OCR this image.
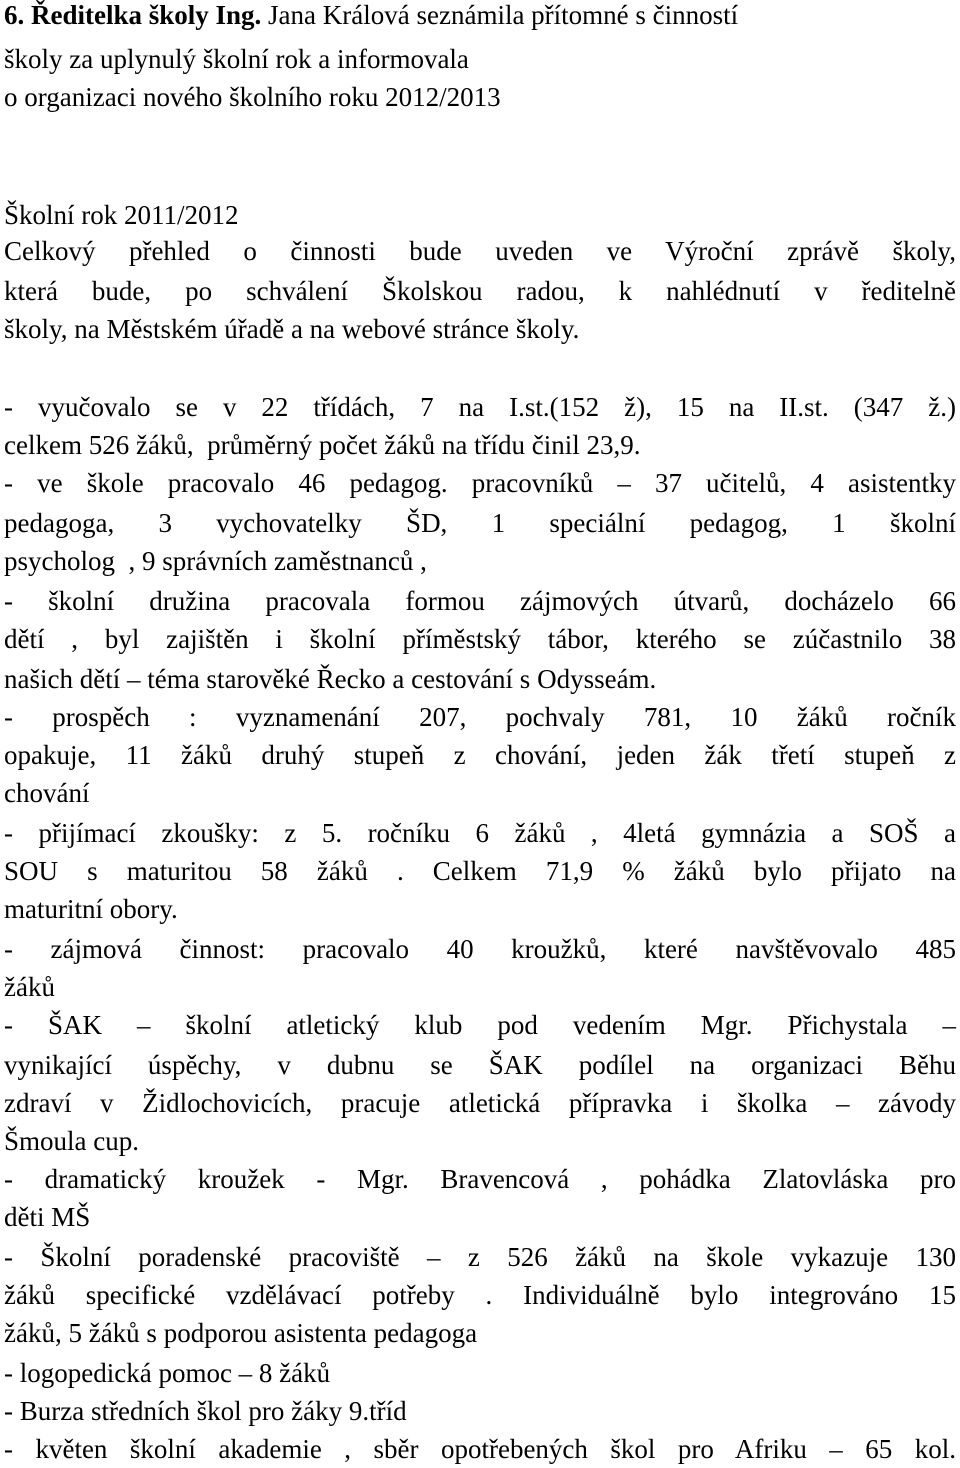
6. Ředitelka školy Ing. Jana Králová seznámila přítomné s činností
školy za uplynulý školní rok a informovala
o organizaci nového školního roku 2012/2013
Školní rok 2011/2012
Celkový přehled o činnosti bude uveden ve Výroční zprávě školy,
která bude, po schválení Školskou radou, k nahlédnutí v ředitelně
školy, na Městském úřadě a na webové stránce školy.
- vyučovalo se v 22 třídách, 7 na I.st.(152 ž), 15 na II.st. (347 ž.)
celkem 526 žáků,  průměrný počet žáků na třídu činil 23,9.
- ve škole pracovalo 46 pedagog. pracovníků – 37 učitelů, 4 asistentky
pedagoga, 3 vychovatelky ŠD, 1 speciální pedagog, 1 školní
psycholog  , 9 správních zaměstnanců ,
- školní družina pracovala formou zájmových útvarů, docházelo 66
dětí , byl zajištěn i školní příměstský tábor, kterého se zúčastnilo 38
našich dětí – téma starověké Řecko a cestování s Odysseám.
- prospěch : vyznamenání 207, pochvaly 781, 10 žáků ročník
opakuje, 11 žáků druhý stupeň z chování, jeden žák třetí stupeň z
chování
- přijímací zkoušky: z 5. ročníku 6 žáků , 4letá gymnázia a SOŠ a
SOU s maturitou 58 žáků . Celkem 71,9 % žáků bylo přijato na
maturitní obory.
- zájmová činnost: pracovalo 40 kroužků, které navštěvovalo 485
žáků
- ŠAK – školní atletický klub pod vedením Mgr. Přichystala –
vynikající úspěchy, v dubnu se ŠAK podílel na organizaci Běhu
zdraví v Židlochovicích, pracuje atletická přípravka i školka – závody
Šmoula cup.
- dramatický kroužek - Mgr. Bravencová , pohádka Zlatovláska pro
děti MŠ
- Školní poradenské pracoviště – z 526 žáků na škole vykazuje 130
žáků specifické vzdělávací potřeby . Individuálně bylo integrováno 15
žáků, 5 žáků s podporou asistenta pedagoga
- logopedická pomoc – 8 žáků
- Burza středních škol pro žáky 9.tříd
- květen školní akademie , sběr opotřebených škol pro Afriku – 65 kol.
